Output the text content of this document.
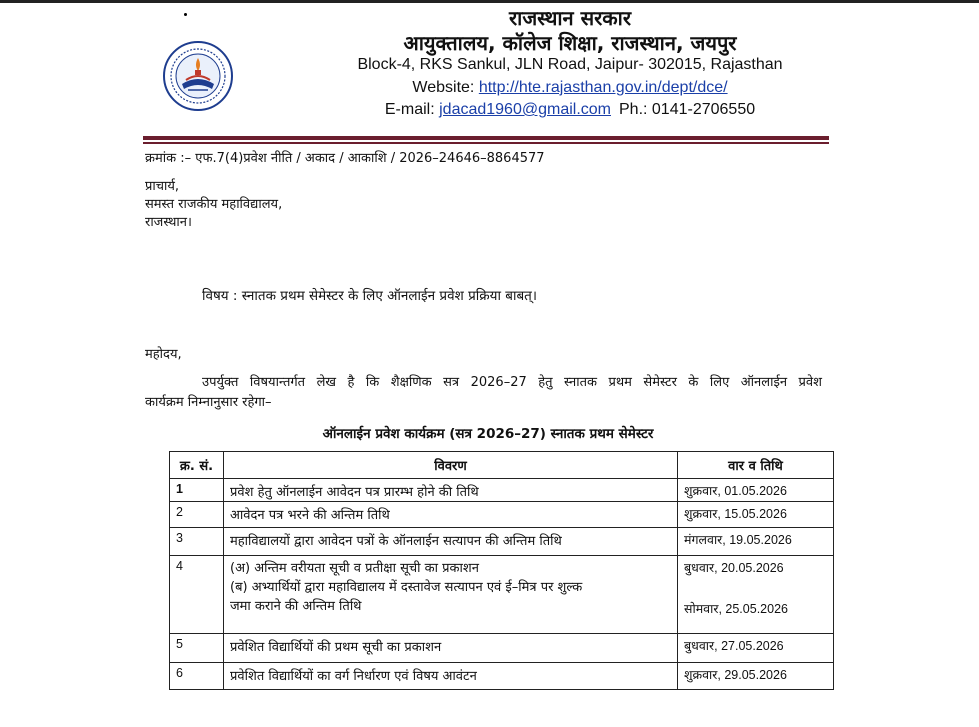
राजस्थान सरकार
आयुक्तालय, कॉलेज शिक्षा, राजस्थान, जयपुर
Block-4, RKS Sankul, JLN Road, Jaipur- 302015, Rajasthan
Website: http://hte.rajasthan.gov.in/dept/dce/
E-mail: jdacad1960@gmail.com Ph.: 0141-2706550
क्रमांक :– एफ.7(4)प्रवेश नीति / अकाद / आकाशि / 2026–24646–8864577
प्राचार्य,
समस्त राजकीय महाविद्यालय,
राजस्थान।
विषय : स्नातक प्रथम सेमेस्टर के लिए ऑनलाईन प्रवेश प्रक्रिया बाबत्।
महोदय,
उपर्युक्त विषयान्तर्गत लेख है कि शैक्षणिक सत्र 2026–27 हेतु स्नातक प्रथम सेमेस्टर के लिए ऑनलाईन प्रवेश
कार्यक्रम निम्नानुसार रहेगा–
ऑनलाईन प्रवेश कार्यक्रम (सत्र 2026–27) स्नातक प्रथम सेमेस्टर
क्र. सं.	विवरण	वार व तिथि
1	प्रवेश हेतु ऑनलाईन आवेदन पत्र प्रारम्भ होने की तिथि	शुक्रवार, 01.05.2026
2	आवेदन पत्र भरने की अन्तिम तिथि	शुक्रवार, 15.05.2026
3	महाविद्यालयों द्वारा आवेदन पत्रों के ऑनलाईन सत्यापन की अन्तिम तिथि	मंगलवार, 19.05.2026
4	(अ) अन्तिम वरीयता सूची व प्रतीक्षा सूची का प्रकाशन
(ब) अभ्यार्थियों द्वारा महाविद्यालय में दस्तावेज सत्यापन एवं ई–मित्र पर शुल्क
जमा कराने की अन्तिम तिथि	बुधवार, 20.05.2026
सोमवार, 25.05.2026

5	प्रवेशित विद्यार्थियों की प्रथम सूची का प्रकाशन	बुधवार, 27.05.2026
6	प्रवेशित विद्यार्थियों का वर्ग निर्धारण एवं विषय आवंटन	शुक्रवार, 29.05.2026
